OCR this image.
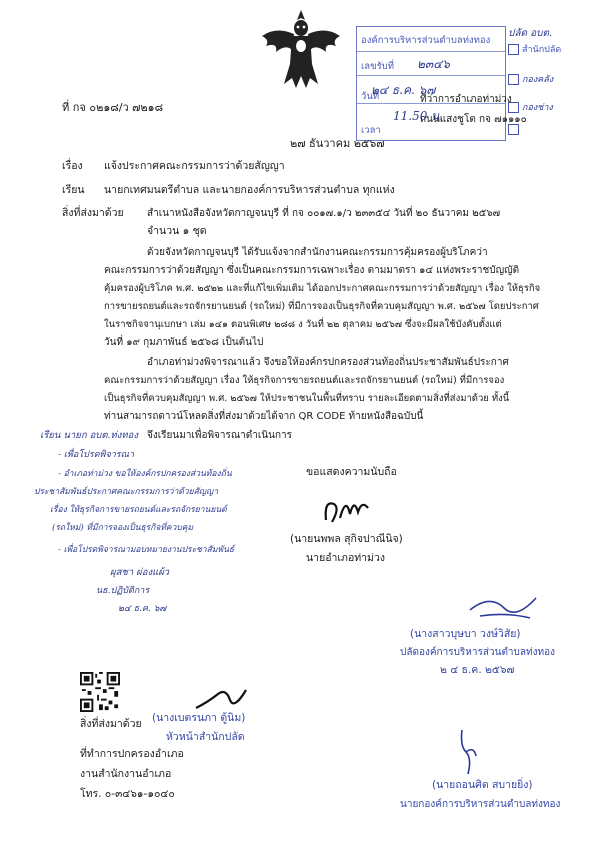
ที่ กจ ๐๒๑๘/ว ๗๒๑๘
องค์การบริหารส่วนตำบลท่งทอง
เลขรับที่ ๒๓๔๖
วันที่
๒๔ ธ.ค. ๖๗
11.50 น.
เวลา
ที่ว่าการอำเภอท่าม่วง
ถนนแสงชูโต กจ ๗๑๑๑๐
ปลัด อบต.
สำนักปลัด
กองคลัง
กองช่าง
๒๗ ธันวาคม ๒๕๖๗
เรื่อง แจ้งประกาศคณะกรรมการว่าด้วยสัญญา
เรียน นายกเทศมนตรีตำบล และนายกองค์การบริหารส่วนตำบล ทุกแห่ง
สิ่งที่ส่งมาด้วย สำเนาหนังสือจังหวัดกาญจนบุรี ที่ กจ ๐๐๑๗.๑/ว ๒๓๓๕๔ วันที่ ๒๐ ธันวาคม ๒๕๖๗
จำนวน ๑ ชุด
ด้วยจังหวัดกาญจนบุรี ได้รับแจ้งจากสำนักงานคณะกรรมการคุ้มครองผู้บริโภคว่า
คณะกรรมการว่าด้วยสัญญา ซึ่งเป็นคณะกรรมการเฉพาะเรื่อง ตามมาตรา ๑๔ แห่งพระราชบัญญัติ
คุ้มครองผู้บริโภค พ.ศ. ๒๕๒๒ และที่แก้ไขเพิ่มเติม ได้ออกประกาศคณะกรรมการว่าด้วยสัญญา เรื่อง ให้ธุรกิจ
การขายรถยนต์และรถจักรยานยนต์ (รถใหม่) ที่มีการจองเป็นธุรกิจที่ควบคุมสัญญา พ.ศ. ๒๕๖๗ โดยประกาศ
ในราชกิจจานุเบกษา เล่ม ๑๔๑ ตอนพิเศษ ๒๘๘ ง วันที่ ๒๒ ตุลาคม ๒๕๖๗ ซึ่งจะมีผลใช้บังคับตั้งแต่
วันที่ ๑๙ กุมภาพันธ์ ๒๕๖๘ เป็นต้นไป
อำเภอท่าม่วงพิจารณาแล้ว จึงขอให้องค์กรปกครองส่วนท้องถิ่นประชาสัมพันธ์ประกาศ
คณะกรรมการว่าด้วยสัญญา เรื่อง ให้ธุรกิจการขายรถยนต์และรถจักรยานยนต์ (รถใหม่) ที่มีการจอง
เป็นธุรกิจที่ควบคุมสัญญา พ.ศ. ๒๕๖๗ ให้ประชาชนในพื้นที่ทราบ รายละเอียดตามสิ่งที่ส่งมาด้วย ทั้งนี้
ท่านสามารถดาวน์โหลดสิ่งที่ส่งมาด้วยได้จาก QR CODE ท้ายหนังสือฉบับนี้
จึงเรียนมาเพื่อพิจารณาดำเนินการ
เรียน นายก อบต.ท่งทอง
- เพื่อโปรดพิจารณา
- อำเภอท่าม่วง ขอให้องค์กรปกครองส่วนท้องถิ่น
ประชาสัมพันธ์ประกาศคณะกรรมการว่าด้วยสัญญา
เรื่อง ให้ธุรกิจการขายรถยนต์และรถจักรยานยนต์
(รถใหม่) ที่มีการจองเป็นธุรกิจที่ควบคุม
- เพื่อโปรดพิจารณามอบหมายงานประชาสัมพันธ์
ผุสชา ผ่องแผ้ว
นธ.ปฏิบัติการ
๒๔ ธ.ค. ๖๗
ขอแสดงความนับถือ
(นายนพพล สุกิจปาณีนิจ)
นายอำเภอท่าม่วง
(นางสาวบุษบา วงษ์วิสัย)
ปลัดองค์การบริหารส่วนตำบลท่งทอง
๒ ๔ ธ.ค. ๒๕๖๗
สิ่งที่ส่งมาด้วย (นางเบตรนภา ตู้นิม)
หัวหน้าสำนักปลัด
ที่ทำการปกครองอำเภอ
งานสำนักงานอำเภอ
โทร. ๐-๓๔๖๑-๑๐๔๐
(นายถอนศิต สบายยิ่ง)
นายกองค์การบริหารส่วนตำบลท่งทอง
